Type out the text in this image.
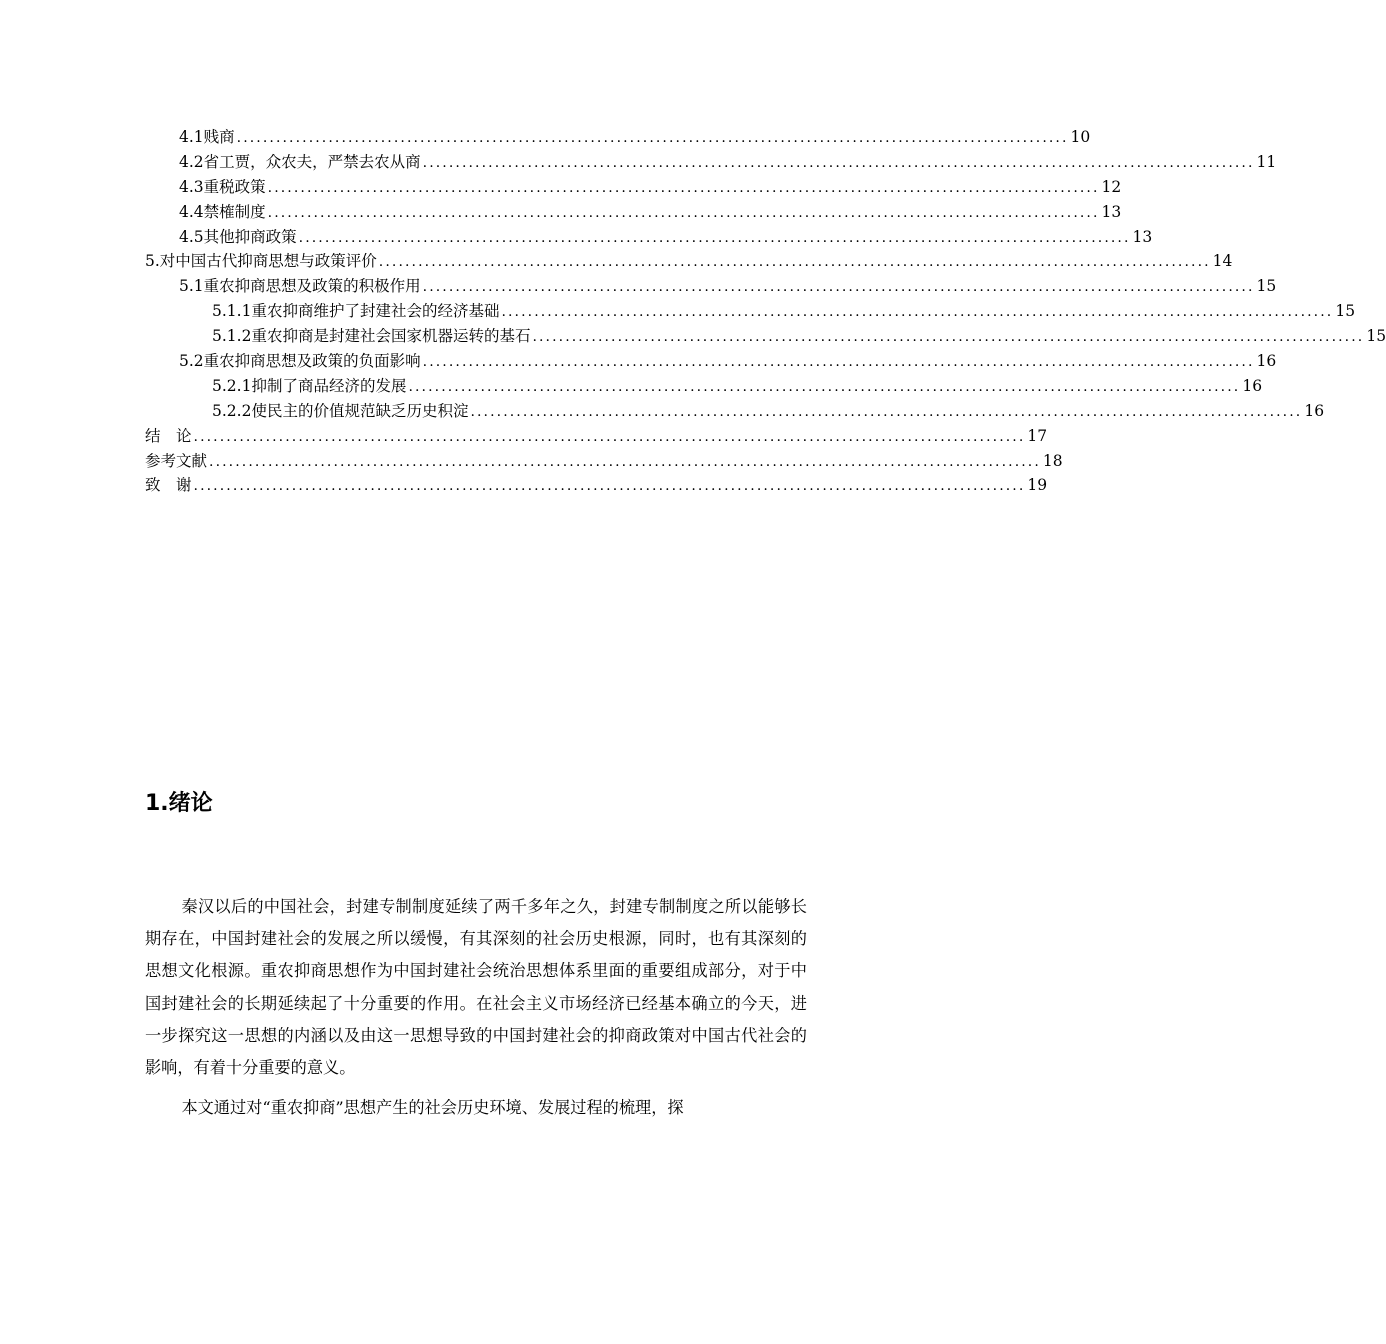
4.1贱商 ............................................................................................................................... 10
4.2省工贾，众农夫，严禁去农从商 ............................................................................................................................... 11
4.3重税政策 ............................................................................................................................... 12
4.4禁榷制度 ............................................................................................................................... 13
4.5其他抑商政策 ............................................................................................................................... 13
5.对中国古代抑商思想与政策评价 ............................................................................................................................... 14
5.1重农抑商思想及政策的积极作用 ............................................................................................................................... 15
5.1.1重农抑商维护了封建社会的经济基础 ............................................................................................................................... 15
5.1.2重农抑商是封建社会国家机器运转的基石 ............................................................................................................................... 15
5.2重农抑商思想及政策的负面影响 ............................................................................................................................... 16
5.2.1抑制了商品经济的发展 ............................................................................................................................... 16
5.2.2使民主的价值规范缺乏历史积淀 ............................................................................................................................... 16
结　论 ............................................................................................................................... 17
参考文献 ............................................................................................................................... 18
致　谢 ............................................................................................................................... 19
1.绪论

秦汉以后的中国社会，封建专制制度延续了两千多年之久，封建专制制度之所以能够长期存在，中国封建社会的发展之所以缓慢，有其深刻的社会历史根源，同时，也有其深刻的思想文化根源。重农抑商思想作为中国封建社会统治思想体系里面的重要组成部分，对于中国封建社会的长期延续起了十分重要的作用。在社会主义市场经济已经基本确立的今天，进一步探究这一思想的内涵以及由这一思想导致的中国封建社会的抑商政策对中国古代社会的影响，有着十分重要的意义。

本文通过对“重农抑商”思想产生的社会历史环境、发展过程的梳理，探
